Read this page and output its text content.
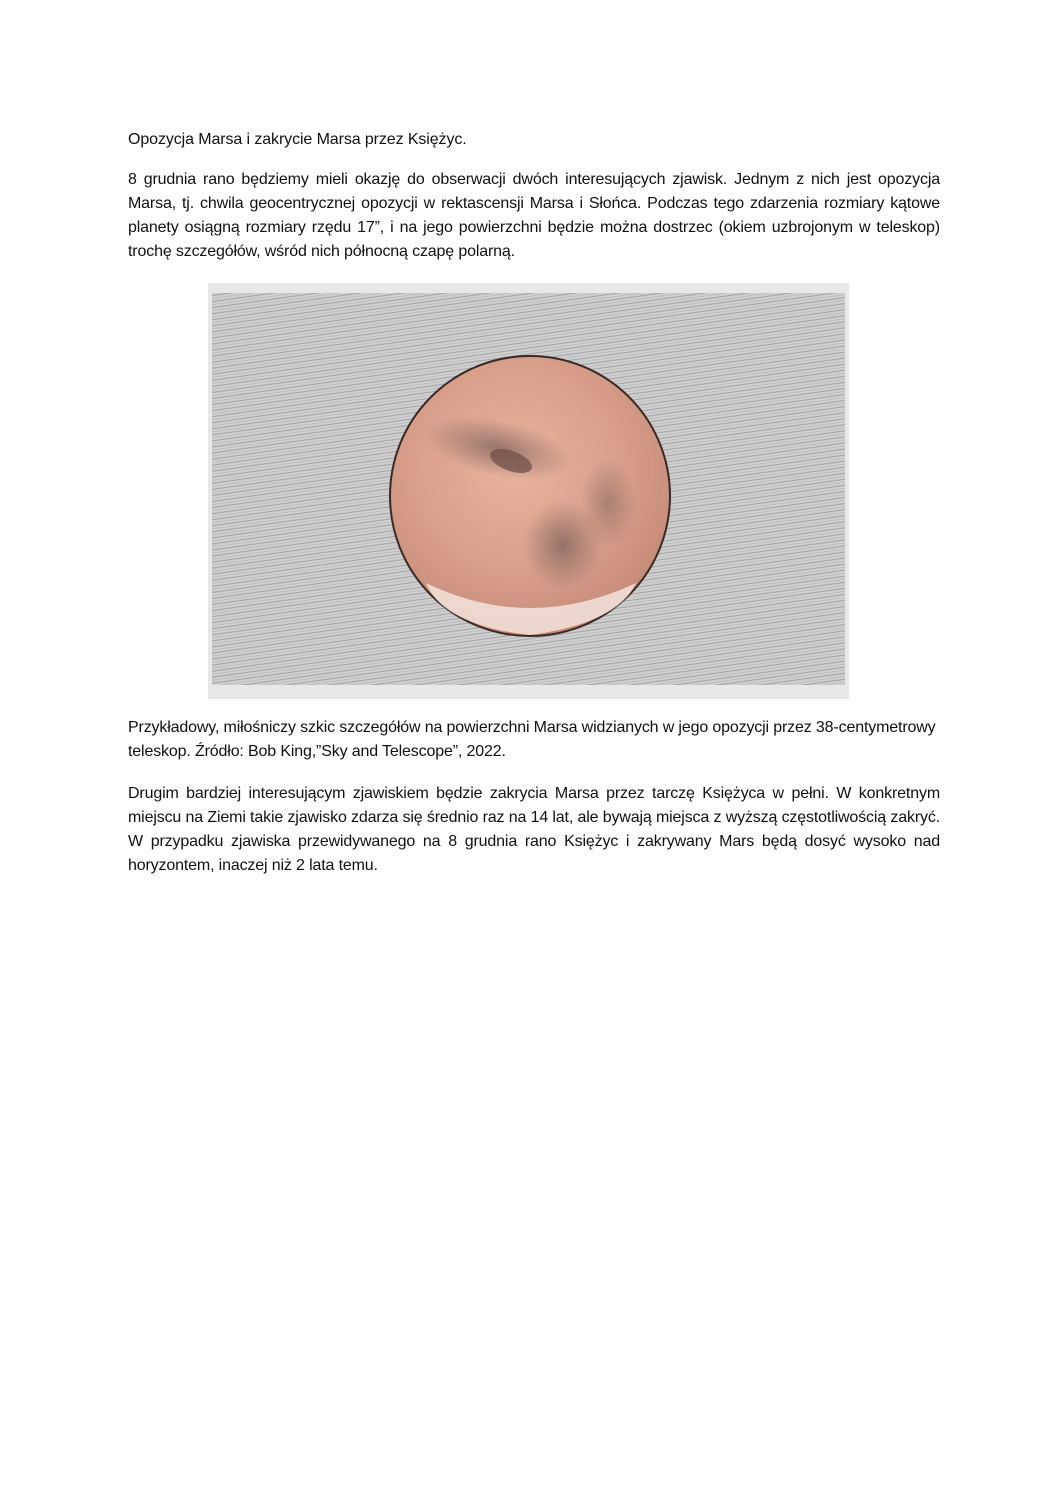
Opozycja Marsa i zakrycie Marsa przez Księżyc.

8 grudnia rano będziemy mieli okazję do obserwacji dwóch interesujących zjawisk. Jednym z nich jest opozycja Marsa, tj. chwila geocentrycznej opozycji w rektascensji Marsa i Słońca. Podczas tego zdarzenia rozmiary kątowe planety osiągną rozmiary rzędu 17”, i na jego powierzchni będzie można dostrzec (okiem uzbrojonym w teleskop) trochę szczegółów, wśród nich północną czapę polarną.

Przykładowy, miłośniczy szkic szczegółów na powierzchni Marsa widzianych w jego opozycji przez 38-centymetrowy teleskop. Źródło: Bob King,”Sky and Telescope”, 2022.

Drugim bardziej interesującym zjawiskiem będzie zakrycia Marsa przez tarczę Księżyca w pełni. W konkretnym miejscu na Ziemi takie zjawisko zdarza się średnio raz na 14 lat, ale bywają miejsca z wyższą częstotliwością zakryć. W przypadku zjawiska przewidywanego na 8 grudnia rano Księżyc i zakrywany Mars będą dosyć wysoko nad horyzontem, inaczej niż 2 lata temu.
